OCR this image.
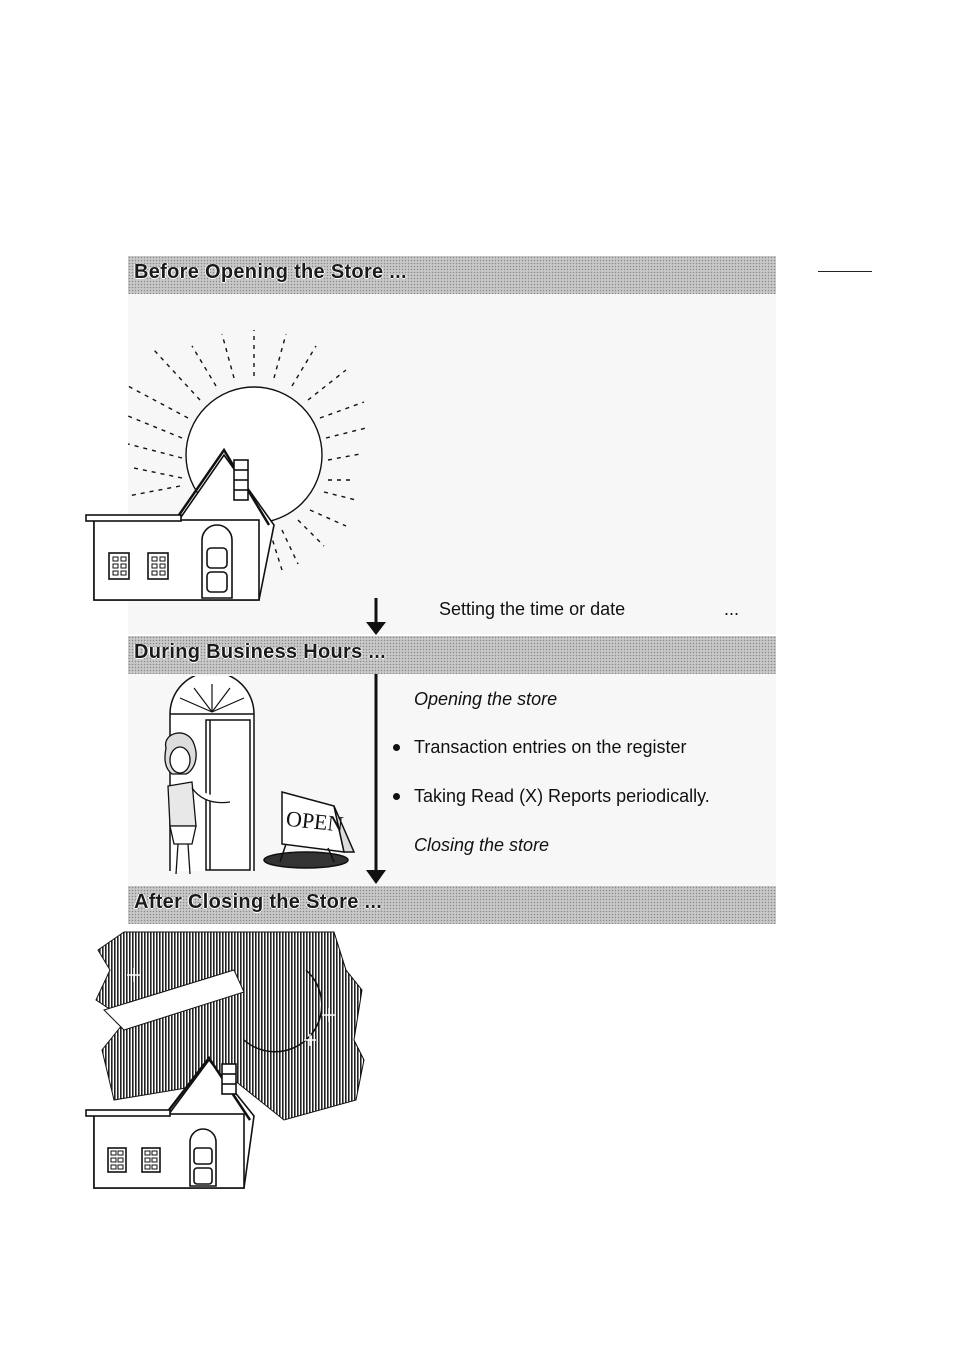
Before Opening the Store ...
During Business Hours ...
After Closing the Store ...
Setting the time or date	...
OPEN
Opening the store
Transaction entries on the register
Taking Read (X) Reports periodically.
Closing the store
